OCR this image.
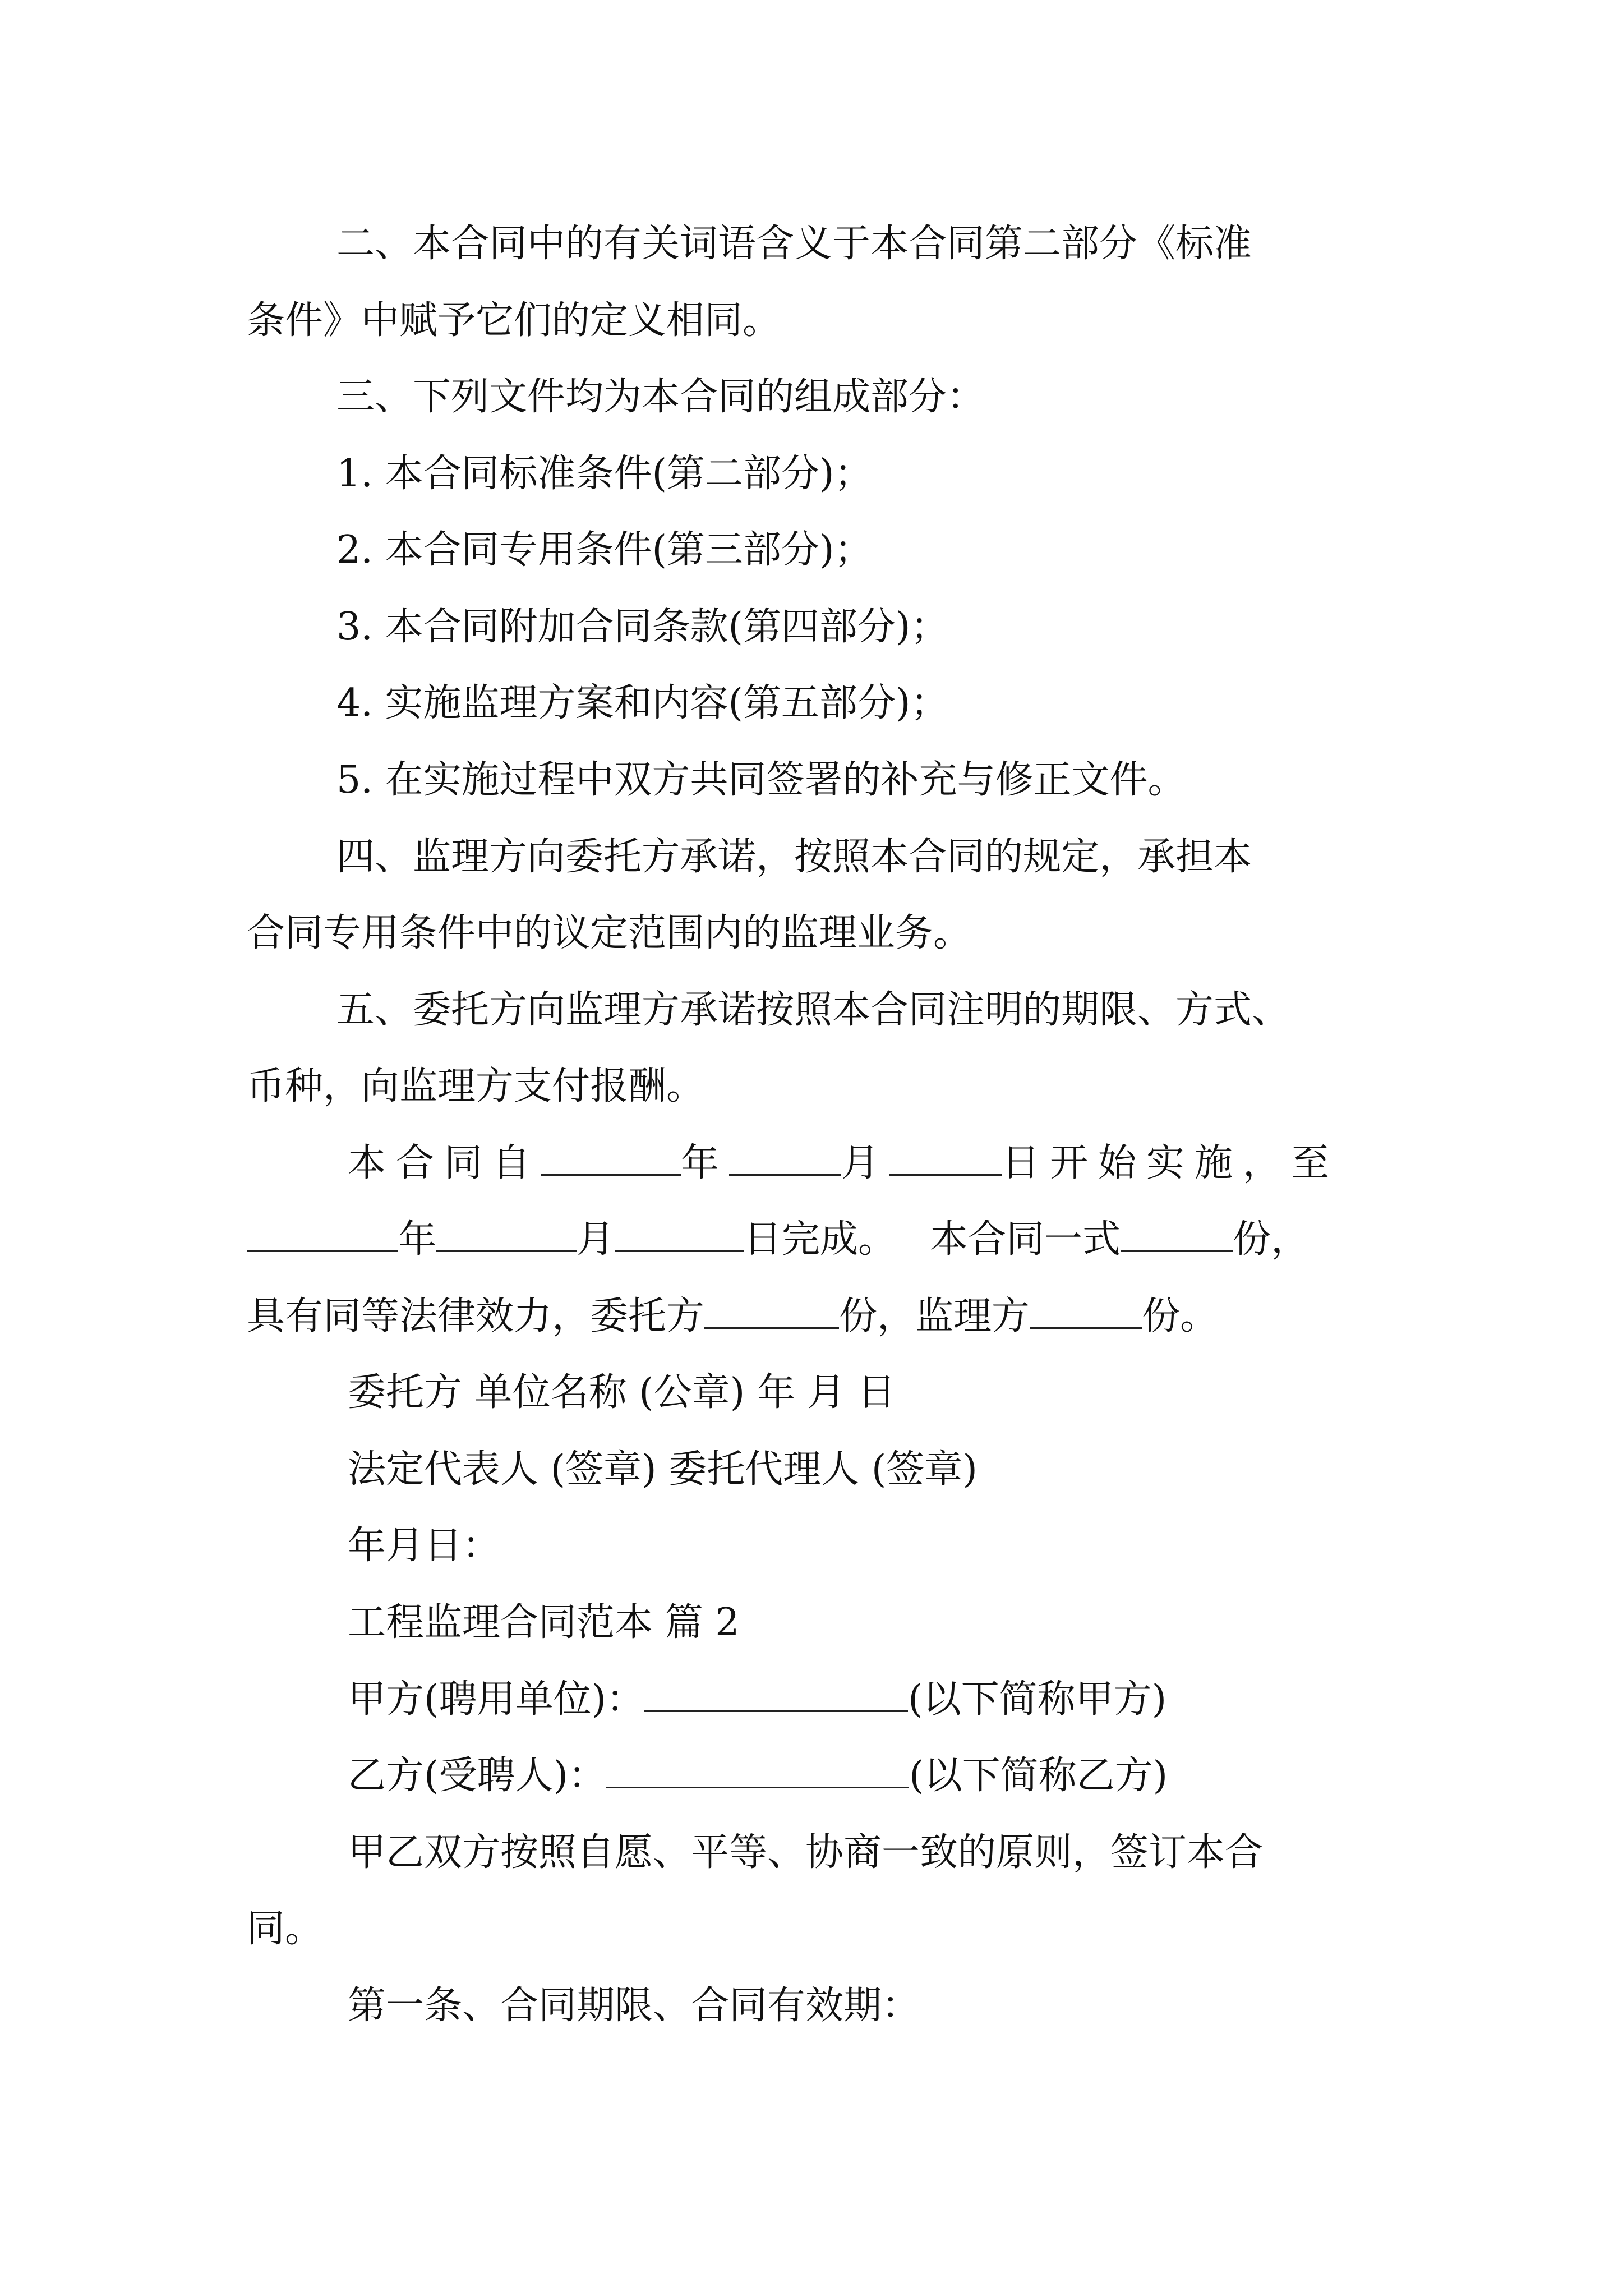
二、本合同中的有关词语含义于本合同第二部分《标准
条件》中赋予它们的定义相同。
三、下列文件均为本合同的组成部分：
1. 本合同标准条件(第二部分)；
2. 本合同专用条件(第三部分)；
3. 本合同附加合同条款(第四部分)；
4. 实施监理方案和内容(第五部分)；
5. 在实施过程中双方共同签署的补充与修正文件。
四、监理方向委托方承诺，按照本合同的规定，承担本
合同专用条件中的议定范围内的监理业务。
五、委托方向监理方承诺按照本合同注明的期限、方式、
币种，向监理方支付报酬。
本合同自	年	月	日开始实施，至
年	月	日完成。 本合同一式	份，
具有同等法律效力，委托方	份，监理方	份。
委托方 单位名称 (公章) 年 月 日
法定代表人 (签章) 委托代理人 (签章)
年月日：
工程监理合同范本 篇 2
甲方(聘用单位)：	(以下简称甲方)
乙方(受聘人)：	(以下简称乙方)
甲乙双方按照自愿、平等、协商一致的原则，签订本合
同。
第一条、合同期限、合同有效期：
